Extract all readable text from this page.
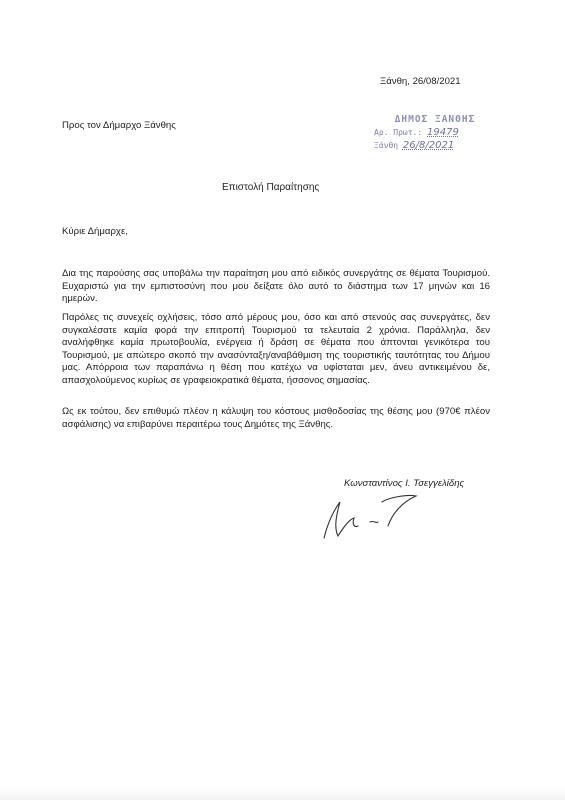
Ξάνθη, 26/08/2021
Προς τον Δήμαρχο Ξάνθης
ΔΗΜΟΣ ΞΑΝΘΗΣ
Αρ. Πρωτ.: 19479
Ξάνθη 26/8/2021
Επιστολή Παραίτησης
Κύριε Δήμαρχε,
Δια της παρούσης σας υποβάλω την παραίτηση μου από ειδικός συνεργάτης σε θέματα Τουρισμού. Ευχαριστώ για την εμπιστοσύνη που μου δείξατε όλο αυτό το διάστημα των 17 μηνών και 16 ημερών.
Παρόλες τις συνεχείς οχλήσεις, τόσο από μέρους μου, όσο και από στενούς σας συνεργάτες, δεν συγκαλέσατε καμία φορά την επιτροπή Τουρισμού τα τελευταία 2 χρόνια. Παράλληλα, δεν αναλήφθηκε καμία πρωτοβουλία, ενέργεια ή δράση σε θέματα που άπτονται γενικότερα του Τουρισμού, με απώτερο σκοπό την ανασύνταξη/αναβάθμιση της τουριστικής ταυτότητας του Δήμου μας. Απόρροια των παραπάνω η θέση που κατέχω να υφίσταται μεν, άνευ αντικειμένου δε, απασχολούμενος κυρίως σε γραφειοκρατικά θέματα, ήσσονος σημασίας.
Ως εκ τούτου, δεν επιθυμώ πλέον η κάλυψη του κόστους μισθοδοσίας της θέσης μου (970€ πλέον ασφάλισης) να επιβαρύνει περαιτέρω τους Δημότες της Ξάνθης.
Κωνσταντίνος Ι. Τσεγγελίδης
